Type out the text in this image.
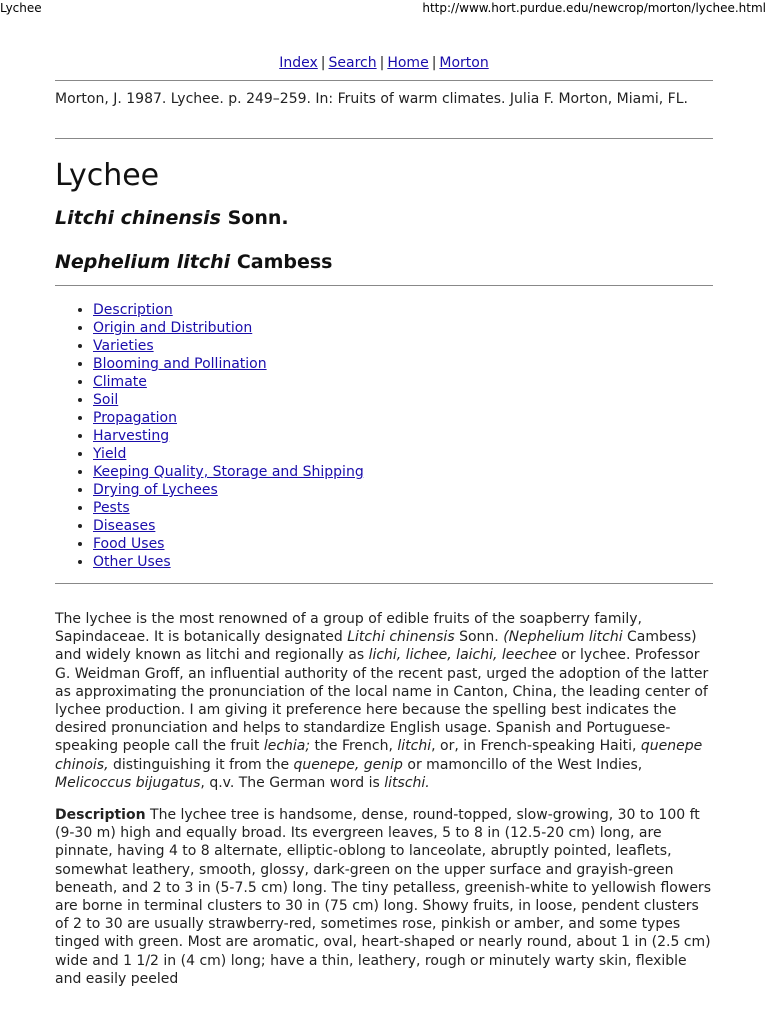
Lychee	http://www.hort.purdue.edu/newcrop/morton/lychee.html
Index | Search | Home | Morton

Morton, J. 1987. Lychee. p. 249–259. In: Fruits of warm climates. Julia F. Morton, Miami, FL.

Lychee
Litchi chinensis Sonn.
Nephelium litchi Cambess
• Description
• Origin and Distribution
• Varieties
• Blooming and Pollination
• Climate
• Soil
• Propagation
• Harvesting
• Yield
• Keeping Quality, Storage and Shipping
• Drying of Lychees
• Pests
• Diseases
• Food Uses
• Other Uses

The lychee is the most renowned of a group of edible fruits of the soapberry family, Sapindaceae. It is botanically designated Litchi chinensis Sonn. (Nephelium litchi Cambess) and widely known as litchi and regionally as lichi, lichee, laichi, leechee or lychee. Professor G. Weidman Groff, an influential authority of the recent past, urged the adoption of the latter as approximating the pronunciation of the local name in Canton, China, the leading center of lychee production. I am giving it preference here because the spelling best indicates the desired pronunciation and helps to standardize English usage. Spanish and Portuguese-speaking people call the fruit lechia; the French, litchi, or, in French-speaking Haiti, quenepe chinois, distinguishing it from the quenepe, genip or mamoncillo of the West Indies, Melicoccus bijugatus, q.v. The German word is litschi.

Description The lychee tree is handsome, dense, round-topped, slow-growing, 30 to 100 ft (9-30 m) high and equally broad. Its evergreen leaves, 5 to 8 in (12.5-20 cm) long, are pinnate, having 4 to 8 alternate, elliptic-oblong to lanceolate, abruptly pointed, leaflets, somewhat leathery, smooth, glossy, dark-green on the upper surface and grayish-green beneath, and 2 to 3 in (5-7.5 cm) long. The tiny petalless, greenish-white to yellowish flowers are borne in terminal clusters to 30 in (75 cm) long. Showy fruits, in loose, pendent clusters of 2 to 30 are usually strawberry-red, sometimes rose, pinkish or amber, and some types tinged with green. Most are aromatic, oval, heart-shaped or nearly round, about 1 in (2.5 cm) wide and 1 1/2 in (4 cm) long; have a thin, leathery, rough or minutely warty skin, flexible and easily peeled
